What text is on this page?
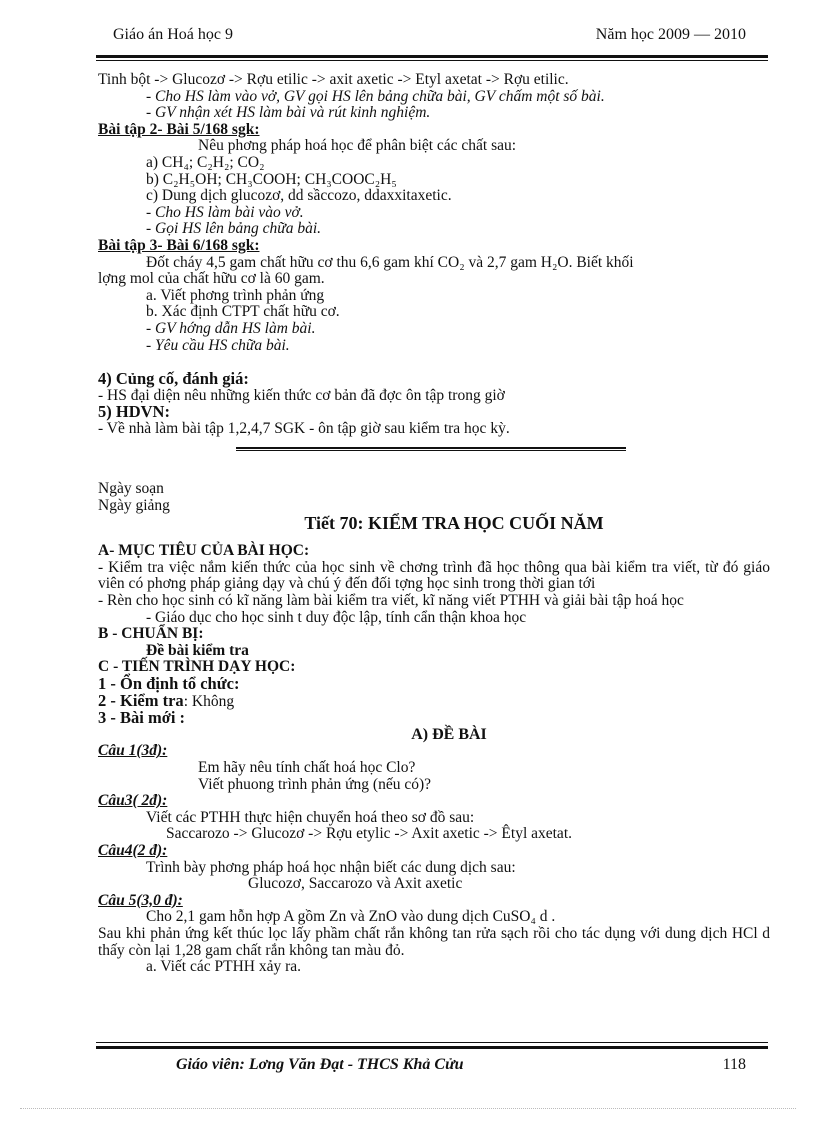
Giáo án Hoá học 9	Năm học 2009 — 2010

Tinh bột -> Glucozơ -> Rợu etilic -> axit axetic -> Etyl axetat -> Rợu etilic.

- Cho HS làm vào vở, GV gọi HS lên bảng chữa bài, GV chấm một số bài.

- GV nhận xét HS làm bài và rút kinh nghiệm.

Bài tập 2- Bài 5/168 sgk:

Nêu phơng pháp hoá học để phân biệt các chất sau:

a) CH₄; C₂H₂; CO₂

b) C₂H₅OH; CH₃COOH; CH₃COOC₂H₅

c) Dung dịch glucozơ, dd sầccozo, ddaxxitaxetic.

- Cho HS làm bài vào vở.

- Gọi HS lên bảng chữa bài.

Bài tập 3- Bài 6/168 sgk:

Đốt cháy 4,5 gam chất hữu cơ thu 6,6 gam khí CO₂ và 2,7 gam H₂O. Biết khối

lợng mol của chất hữu cơ là 60 gam.

a. Viết phơng trình phản ứng

b. Xác định CTPT chất hữu cơ.

- GV hớng dẫn HS làm bài.

- Yêu cầu HS chữa bài.

4) Củng cố, đánh giá:

- HS đại diện nêu những kiến thức cơ bản đã đợc ôn tập trong giờ

5) HDVN:

- Về nhà làm bài tập 1,2,4,7 SGK - ôn tập giờ sau kiểm tra học kỳ.

Ngày soạn

Ngày giảng

Tiết 70: KIỂM TRA HỌC CUỐI NĂM

A- MỤC TIÊU CỦA BÀI HỌC:

- Kiểm tra việc nắm kiến thức của học sinh về chơng trình đã học thông qua bài kiểm tra viết, từ đó giáo viên có phơng pháp giảng dạy và chú ý đến đối tợng học sinh trong thời gian tới

- Rèn cho học sinh có kĩ năng làm bài kiểm tra viết, kĩ năng viết PTHH và giải bài tập hoá học

- Giáo dục cho học sinh t duy độc lập, tính cẩn thận khoa học

B - CHUẨN BỊ:

Đề bài kiểm tra

C - TIẾN TRÌNH DẠY HỌC:

1 - Ổn định tổ chức:

2 - Kiểm tra: Không

3 - Bài mới :

A) ĐỀ BÀI

Câu 1(3đ):

Em hãy nêu tính chất hoá học Clo?

Viết phuong trình phản ứng (nếu có)?

Câu3( 2đ):

Viết các PTHH thực hiện chuyển hoá theo sơ đồ sau:

Saccarozo -> Glucozơ -> Rợu etylic -> Axit axetic -> Êtyl axetat.

Câu4(2 đ):

Trình bày phơng pháp hoá học nhận biết các dung dịch sau:

Glucozơ, Saccarozo và Axit axetic

Câu 5(3,0 đ):

Cho 2,1 gam hỗn hợp A gồm Zn và ZnO vào dung dịch CuSO₄ d .

Sau khi phản ứng kết thúc lọc lấy phầm chất rắn không tan rửa sạch rồi cho tác dụng với dung dịch HCl d thấy còn lại 1,28 gam chất rắn không tan màu đỏ.

a. Viết các PTHH xảy ra.

Giáo viên: Lơng Văn Đạt - THCS Khả Cửu	118
